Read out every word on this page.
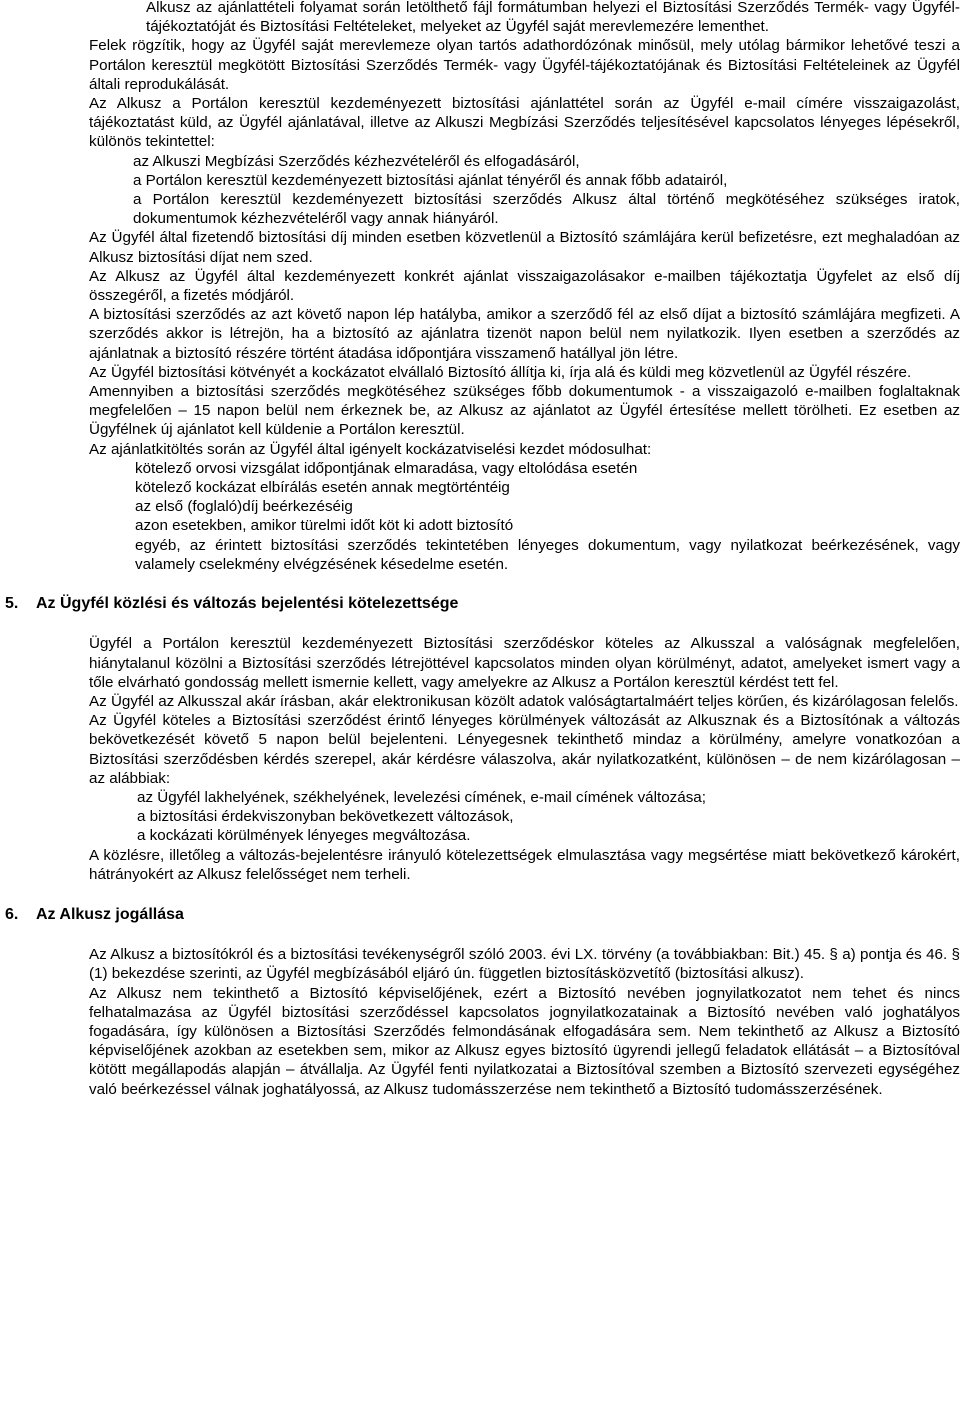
Alkusz az ajánlattételi folyamat során letölthető fájl formátumban helyezi el Biztosítási Szerződés Termék- vagy Ügyfél-tájékoztatóját és Biztosítási Feltételeket, melyeket az Ügyfél saját merevlemezére lementhet.

Felek rögzítik, hogy az Ügyfél saját merevlemeze olyan tartós adathordózónak minősül, mely utólag bármikor lehetővé teszi a Portálon keresztül megkötött Biztosítási Szerződés Termék- vagy Ügyfél-tájékoztatójának és Biztosítási Feltételeinek az Ügyfél általi reprodukálását.

Az Alkusz a Portálon keresztül kezdeményezett biztosítási ajánlattétel során az Ügyfél e-mail címére visszaigazolást, tájékoztatást küld, az Ügyfél ajánlatával, illetve az Alkuszi Megbízási Szerződés teljesítésével kapcsolatos lényeges lépésekről, különös tekintettel:

az Alkuszi Megbízási Szerződés kézhezvételéről és elfogadásáról,

a Portálon keresztül kezdeményezett biztosítási ajánlat tényéről és annak főbb adatairól,

a Portálon keresztül kezdeményezett biztosítási szerződés Alkusz által történő megkötéséhez szükséges iratok, dokumentumok kézhezvételéről vagy annak hiányáról.

Az Ügyfél által fizetendő biztosítási díj minden esetben közvetlenül a Biztosító számlájára kerül befizetésre, ezt meghaladóan az Alkusz biztosítási díjat nem szed.

Az Alkusz az Ügyfél által kezdeményezett konkrét ajánlat visszaigazolásakor e-mailben tájékoztatja Ügyfelet az első díj összegéről, a fizetés módjáról.

A biztosítási szerződés az azt követő napon lép hatályba, amikor a szerződő fél az első díjat a biztosító számlájára megfizeti. A szerződés akkor is létrejön, ha a biztosító az ajánlatra tizenöt napon belül nem nyilatkozik. Ilyen esetben a szerződés az ajánlatnak a biztosító részére történt átadása időpontjára visszamenő hatállyal jön létre.

Az Ügyfél biztosítási kötvényét a kockázatot elvállaló Biztosító állítja ki, írja alá és küldi meg közvetlenül az Ügyfél részére.

Amennyiben a biztosítási szerződés megkötéséhez szükséges főbb dokumentumok - a visszaigazoló e-mailben foglaltaknak megfelelően – 15 napon belül nem érkeznek be, az Alkusz az ajánlatot az Ügyfél értesítése mellett törölheti. Ez esetben az Ügyfélnek új ajánlatot kell küldenie a Portálon keresztül.

Az ajánlatkitöltés során az Ügyfél által igényelt kockázatviselési kezdet módosulhat:

kötelező orvosi vizsgálat időpontjának elmaradása, vagy eltolódása esetén

kötelező kockázat elbírálás esetén annak megtörténtéig

az első (foglaló)díj beérkezéséig

azon esetekben, amikor türelmi időt köt ki adott biztosító

egyéb, az érintett biztosítási szerződés tekintetében lényeges dokumentum, vagy nyilatkozat beérkezésének, vagy valamely cselekmény elvégzésének késedelme esetén.

5. Az Ügyfél közlési és változás bejelentési kötelezettsége

Ügyfél a Portálon keresztül kezdeményezett Biztosítási szerződéskor köteles az Alkusszal a valóságnak megfelelően, hiánytalanul közölni a Biztosítási szerződés létrejöttével kapcsolatos minden olyan körülményt, adatot, amelyeket ismert vagy a tőle elvárható gondosság mellett ismernie kellett, vagy amelyekre az Alkusz a Portálon keresztül kérdést tett fel.

Az Ügyfél az Alkusszal akár írásban, akár elektronikusan közölt adatok valóságtartalmáért teljes körűen, és kizárólagosan felelős.

Az Ügyfél köteles a Biztosítási szerződést érintő lényeges körülmények változását az Alkusznak és a Biztosítónak a változás bekövetkezését követő 5 napon belül bejelenteni. Lényegesnek tekinthető mindaz a körülmény, amelyre vonatkozóan a Biztosítási szerződésben kérdés szerepel, akár kérdésre válaszolva, akár nyilatkozatként, különösen – de nem kizárólagosan – az alábbiak:

az Ügyfél lakhelyének, székhelyének, levelezési címének, e-mail címének változása;

a biztosítási érdekviszonyban bekövetkezett változások,

a kockázati körülmények lényeges megváltozása.

A közlésre, illetőleg a változás-bejelentésre irányuló kötelezettségek elmulasztása vagy megsértése miatt bekövetkező károkért, hátrányokért az Alkusz felelősséget nem terheli.

6. Az Alkusz jogállása

Az Alkusz a biztosítókról és a biztosítási tevékenységről szóló 2003. évi LX. törvény (a továbbiakban: Bit.) 45. § a) pontja és 46. § (1) bekezdése szerinti, az Ügyfél megbízásából eljáró ún. független biztosításközvetítő (biztosítási alkusz).

Az Alkusz nem tekinthető a Biztosító képviselőjének, ezért a Biztosító nevében jognyilatkozatot nem tehet és nincs felhatalmazása az Ügyfél biztosítási szerződéssel kapcsolatos jognyilatkozatainak a Biztosító nevében való joghatályos fogadására, így különösen a Biztosítási Szerződés felmondásának elfogadására sem. Nem tekinthető az Alkusz a Biztosító képviselőjének azokban az esetekben sem, mikor az Alkusz egyes biztosító ügyrendi jellegű feladatok ellátását – a Biztosítóval kötött megállapodás alapján – átvállalja. Az Ügyfél fenti nyilatkozatai a Biztosítóval szemben a Biztosító szervezeti egységéhez való beérkezéssel válnak joghatályossá, az Alkusz tudomásszerzése nem tekinthető a Biztosító tudomásszerzésének.
